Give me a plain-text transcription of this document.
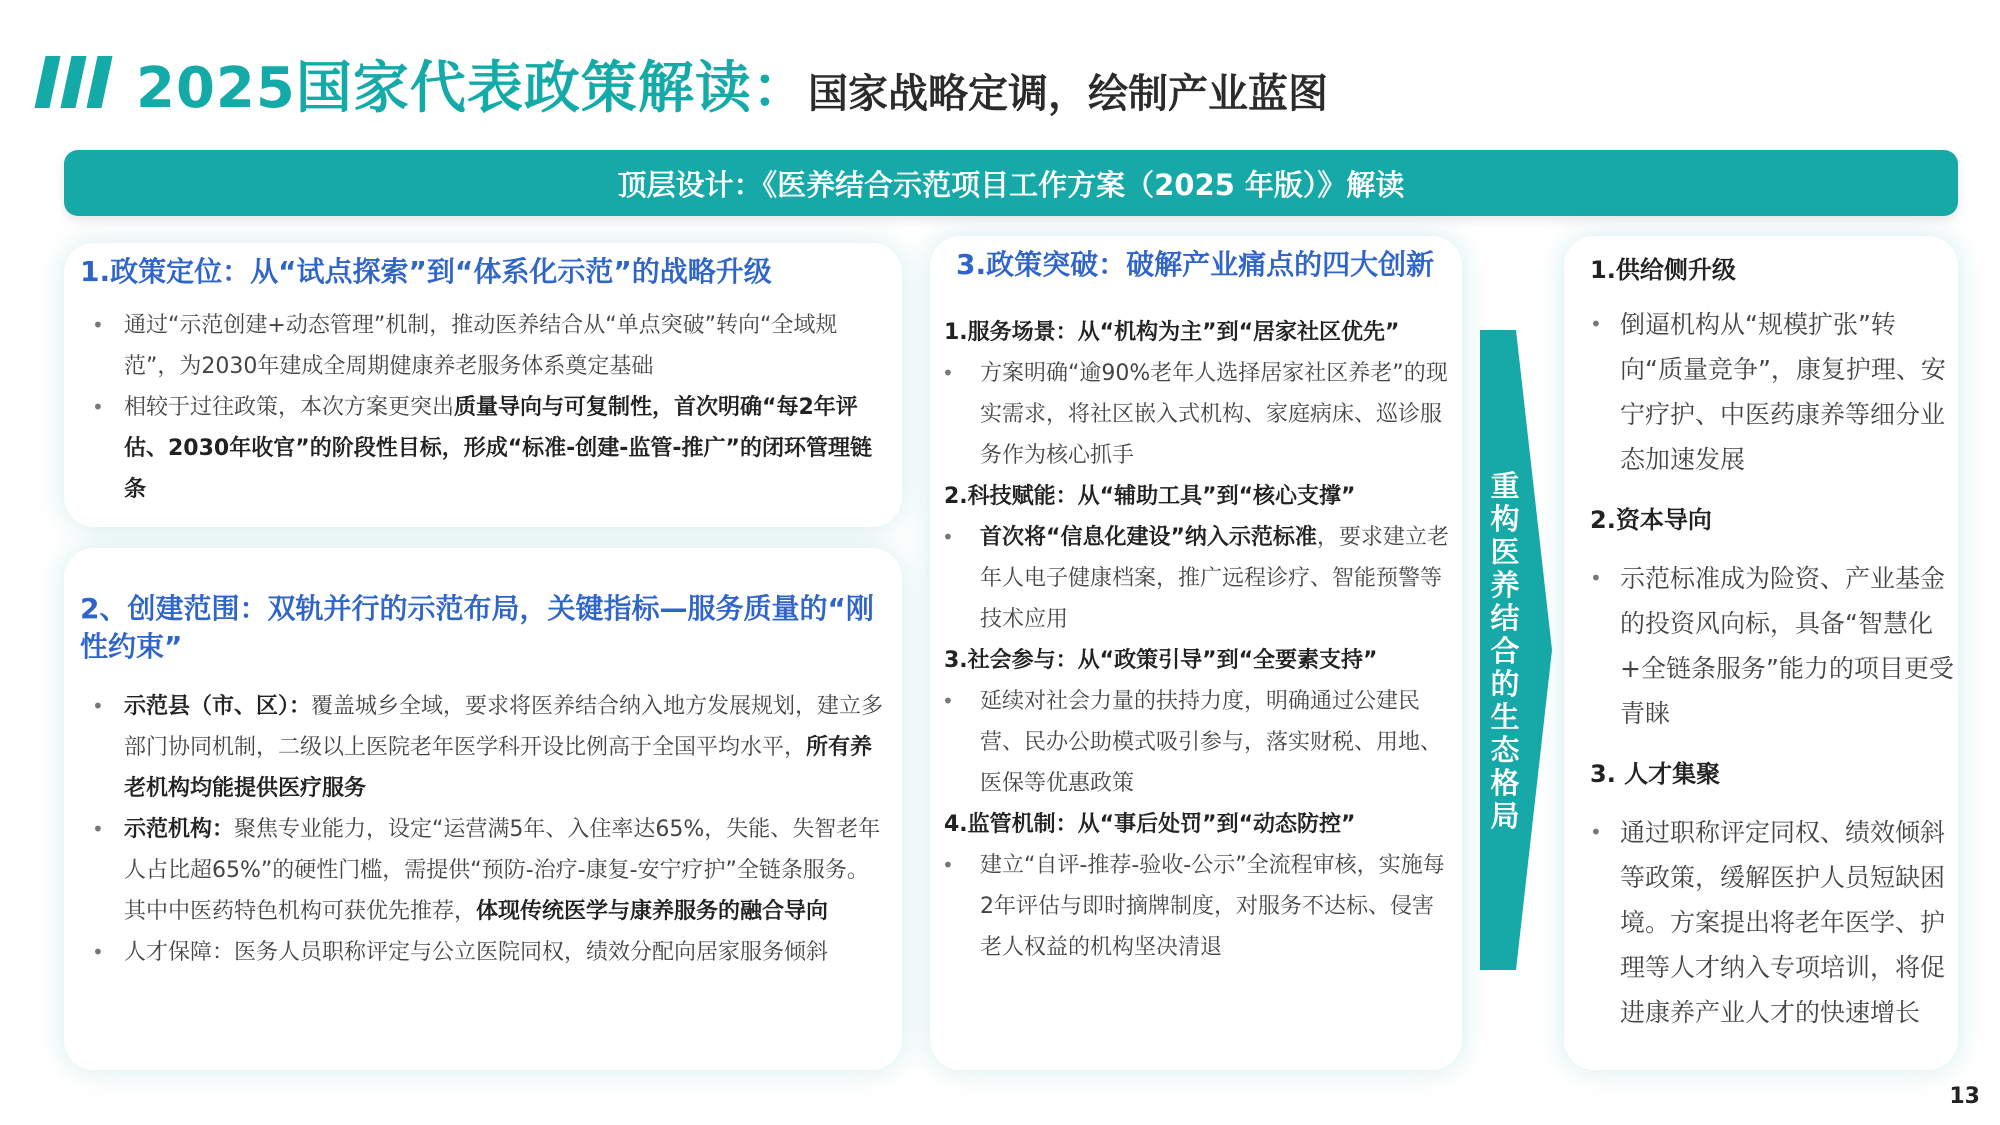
2025国家代表政策解读： 国家战略定调，绘制产业蓝图
顶层设计：《医养结合示范项目工作方案（2025 年版）》解读
1.政策定位：从“试点探索”到“体系化示范”的战略升级
• 通过“示范创建+动态管理”机制，推动医养结合从“单点突破”转向“全域规范”，为2030年建成全周期健康养老服务体系奠定基础
• 相较于过往政策，本次方案更突出质量导向与可复制性，首次明确“每2年评估、2030年收官”的阶段性目标，形成“标准-创建-监管-推广”的闭环管理链条
2、创建范围：双轨并行的示范布局，关键指标—服务质量的“刚性约束”
• 示范县（市、区）：覆盖城乡全域，要求将医养结合纳入地方发展规划，建立多部门协同机制，二级以上医院老年医学科开设比例高于全国平均水平，所有养老机构均能提供医疗服务
• 示范机构：聚焦专业能力，设定“运营满5年、入住率达65%，失能、失智老年人占比超65%”的硬性门槛，需提供“预防-治疗-康复-安宁疗护”全链条服务。其中中医药特色机构可获优先推荐，体现传统医学与康养服务的融合导向
• 人才保障：医务人员职称评定与公立医院同权，绩效分配向居家服务倾斜
3.政策突破：破解产业痛点的四大创新
1.服务场景：从“机构为主”到“居家社区优先”
• 方案明确“逾90%老年人选择居家社区养老”的现实需求，将社区嵌入式机构、家庭病床、巡诊服务作为核心抓手
2.科技赋能：从“辅助工具”到“核心支撑”
• 首次将“信息化建设”纳入示范标准，要求建立老年人电子健康档案，推广远程诊疗、智能预警等技术应用
3.社会参与：从“政策引导”到“全要素支持”
• 延续对社会力量的扶持力度，明确通过公建民营、民办公助模式吸引参与，落实财税、用地、医保等优惠政策
4.监管机制：从“事后处罚”到“动态防控”
• 建立“自评-推荐-验收-公示”全流程审核，实施每2年评估与即时摘牌制度，对服务不达标、侵害老人权益的机构坚决清退
重构医养结合的生态格局
1.供给侧升级
• 倒逼机构从“规模扩张”转向“质量竞争”，康复护理、安宁疗护、中医药康养等细分业态加速发展
2.资本导向
• 示范标准成为险资、产业基金的投资风向标，具备“智慧化+全链条服务”能力的项目更受青睐
3. 人才集聚
• 通过职称评定同权、绩效倾斜等政策，缓解医护人员短缺困境。方案提出将老年医学、护理等人才纳入专项培训，将促进康养产业人才的快速增长
13
